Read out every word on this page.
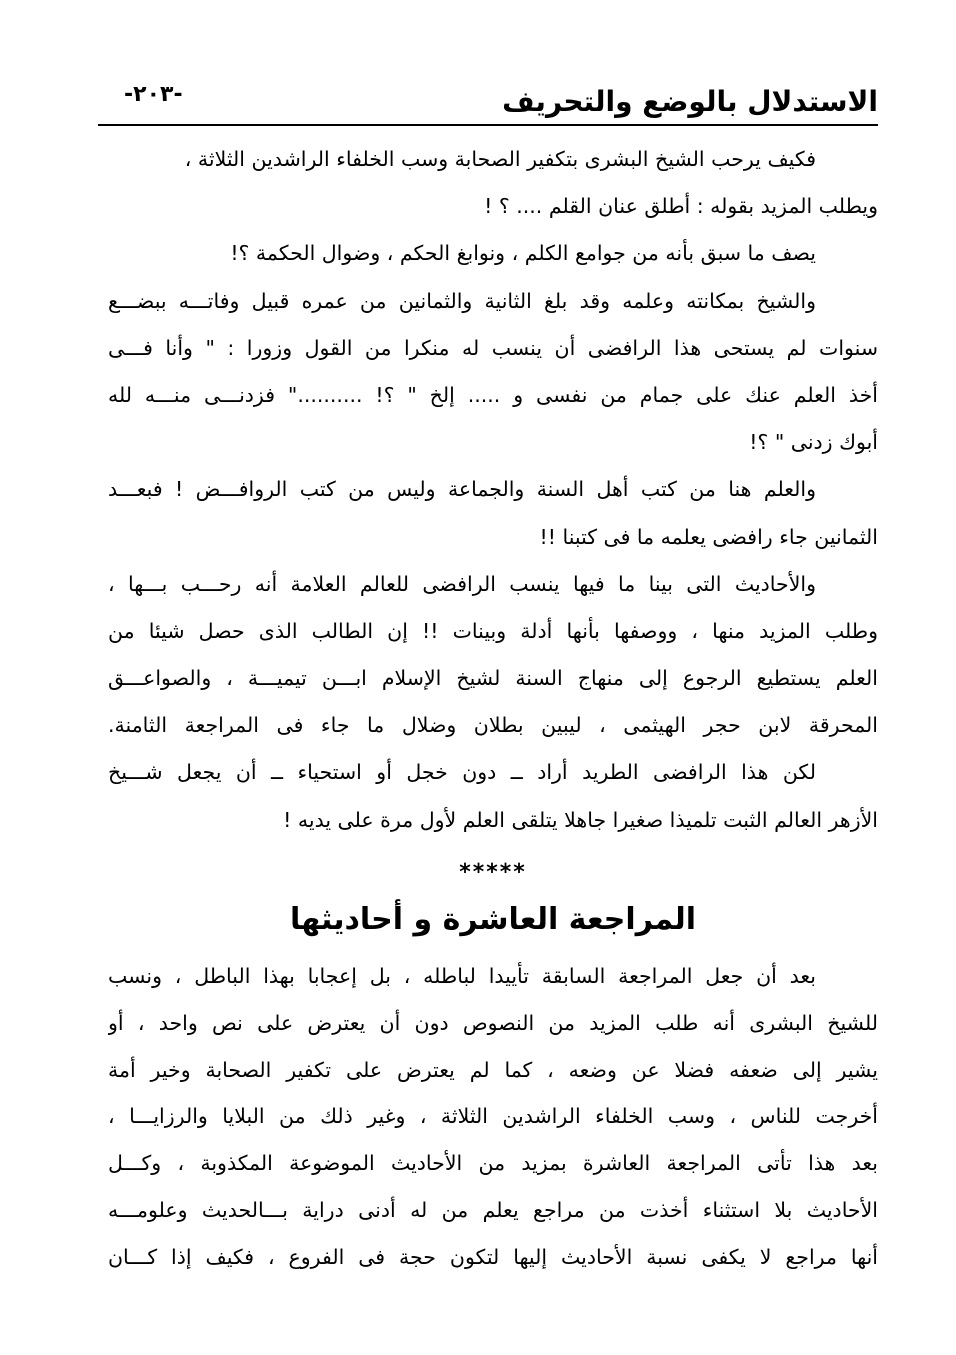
الاستدلال بالوضع والتحريف
-٢٠٣-
فكيف يرحب الشيخ البشرى بتكفير الصحابة وسب الخلفاء الراشدين الثلاثة ،
ويطلب المزيد بقوله : أطلق عنان القلم .... ؟ !
يصف ما سبق بأنه من جوامع الكلم ، ونوابغ الحكم ، وضوال الحكمة ؟!
والشيخ بمكانته وعلمه وقد بلغ الثانية والثمانين من عمره قبيل وفاتـــه ببضـــع
سنوات لم يستحى هذا الرافضى أن ينسب له منكرا من القول وزورا : " وأنا فـــى
أخذ العلم عنك على جمام من نفسى و ..... إلخ " ؟! .........." فزدنـــى منـــه لله
أبوك زدنى " ؟!
والعلم هنا من كتب أهل السنة والجماعة وليس من كتب الروافـــض ! فبعـــد
الثمانين جاء رافضى يعلمه ما فى كتبنا !!
والأحاديث التى بينا ما فيها ينسب الرافضى للعالم العلامة أنه رحـــب بـــها ،
وطلب المزيد منها ، ووصفها بأنها أدلة وبينات !! إن الطالب الذى حصل شيئا من
العلم يستطيع الرجوع إلى منهاج السنة لشيخ الإسلام ابـــن تيميـــة ، والصواعـــق
المحرقة لابن حجر الهيثمى ، ليبين بطلان وضلال ما جاء فى المراجعة الثامنة.
لكن هذا الرافضى الطريد أراد ــ دون خجل أو استحياء ــ أن يجعل شـــيخ
الأزهر العالم الثبت تلميذا صغيرا جاهلا يتلقى العلم لأول مرة على يديه !
*****
المراجعة العاشرة و أحاديثها
بعد أن جعل المراجعة السابقة تأييدا لباطله ، بل إعجابا بهذا الباطل ، ونسب
للشيخ البشرى أنه طلب المزيد من النصوص دون أن يعترض على نص واحد ، أو
يشير إلى ضعفه فضلا عن وضعه ، كما لم يعترض على تكفير الصحابة وخير أمة
أخرجت للناس ، وسب الخلفاء الراشدين الثلاثة ، وغير ذلك من البلايا والرزايـــا ،
بعد هذا تأتى المراجعة العاشرة بمزيد من الأحاديث الموضوعة المكذوبة ، وكـــل
الأحاديث بلا استثناء أخذت من مراجع يعلم من له أدنى دراية بـــالحديث وعلومـــه
أنها مراجع لا يكفى نسبة الأحاديث إليها لتكون حجة فى الفروع ، فكيف إذا كـــان
